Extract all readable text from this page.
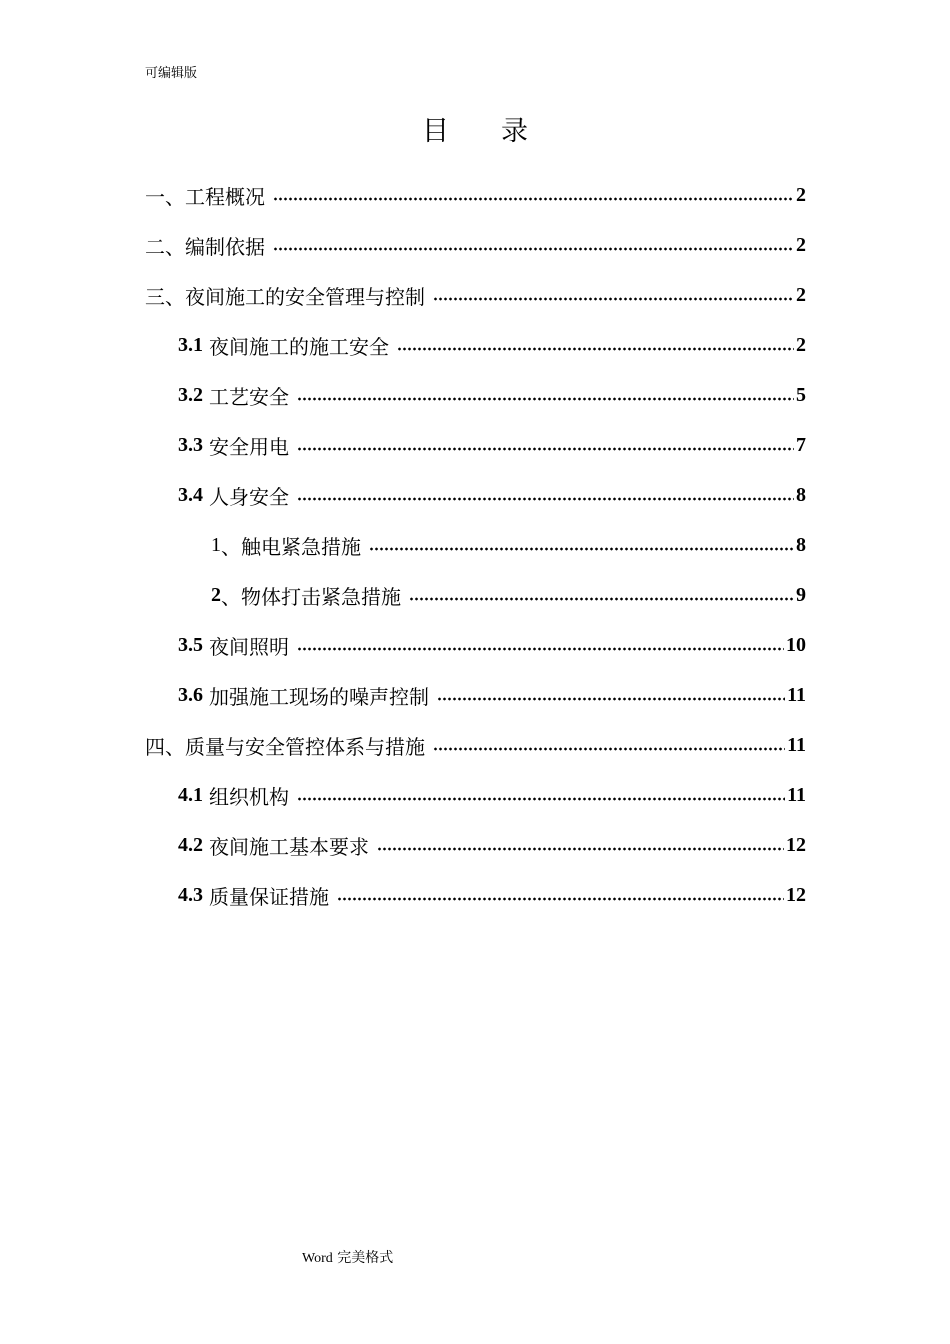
可编辑版
目录
一、工程概况	2
二、编制依据	2
三、夜间施工的安全管理与控制	2
3.1 夜间施工的施工安全	2
3.2 工艺安全	5
3.3 安全用电	7
3.4 人身安全	8
1 、触电紧急措施	8
2 、物体打击紧急措施	9
3.5 夜间照明	10
3.6 加强施工现场的噪声控制	11
四、质量与安全管控体系与措施	11
4.1 组织机构	11
4.2 夜间施工基本要求	12
4.3 质量保证措施	12
Word 完美格式
